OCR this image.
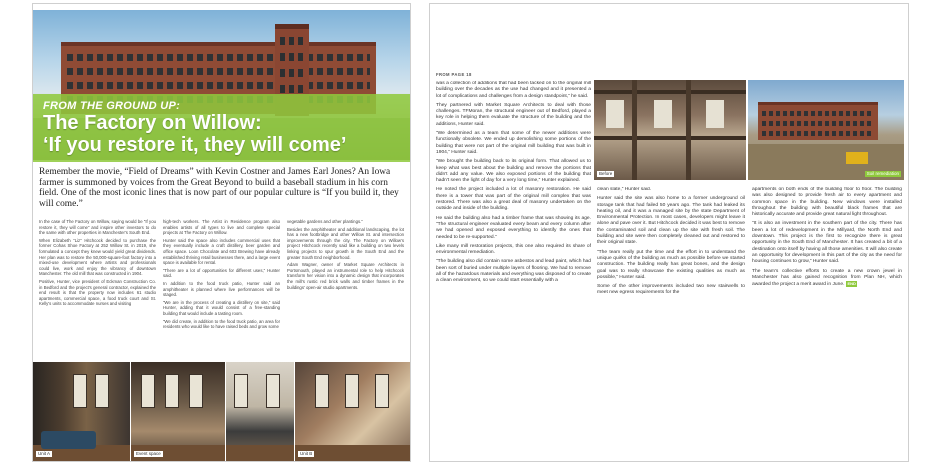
FROM THE GROUND UP:
The Factory on Willow:
‘If you restore it, they will come’
Remember the movie, “Field of Dreams” with Kevin Costner and James Earl Jones? An Iowa farmer is summoned by voices from the Great Beyond to build a baseball stadium in his corn field. One of the most iconic lines that is now part of our popular culture is “If you build it, they will come.”

In the case of The Factory on Willow, saying would be “If you restore it, they will come” and inspire other investors to do the same with other properties in Manchester's South End.

When Elizabeth “Liz” Hitchcock decided to purchase the former Cohas Shoe Factory at 252 Willow St. in 2019, she formulated a concept they knew would yield great dividends. Her plan was to restore the 50,000-square-foot factory into a mixed-use development where artists and professionals could live, work and enjoy the vibrancy of downtown Manchester. The old mill that was constructed in 1904.

Positive, Hunter, vice president of Eckman Construction Co. in Bedford and the project's general contractor, explained the end result is that the property now includes 61 studio apartments, commercial space, a food truck court and St. Kelly's units to accommodate nurses and visiting

high-tech workers. The Artist in Residence program also enables artists of all types to live and complete special projects at The Factory on Willow.

Hunter said the space also includes commercial uses that they eventually include a craft distillery, beer garden and office space. Loon Chocolate and 603 Brewing have already established thriving retail businesses there, and a large event space is available for rental.

“There are a lot of opportunities for different uses,” Hunter said.

In addition to the food truck patio, Hunter said an amphitheater is planned where live performances will be staged.

“We are in the process of creating a distillery on site,” said Hunter, adding that it would consist of a free-standing building that would include a tasting room.

“We did create, in addition to the food truck patio, an area for residents who would like to have raised beds and grow some

vegetable gardens and other plantings.”

Besides the amphitheater and additional landscaping, the lot has a new footbridge and other Willow St. and intersection improvements through the city. The Factory on Willow's project Hitchcock recently said like a building on two levels linking projects to spur growth in the South End and the greater South End neighborhood.

Adam Wagner, owner of Market Square Architects in Portsmouth, played an instrumental role to help Hitchcock transform her vision into a dynamic design that incorporates the mill's rustic red brick walls and timber frames in the buildings' open-air studio apartments.

Unit A	Event space	Unit B
FROM PAGE 18

was a collection of additions that had been tacked on to the original mill building over the decades as the use had changed and it presented a lot of complications and challenges from a design standpoint,” he said.

They partnered with Market Square Architects to deal with those challenges. TFMoran, the structural engineer out of Bedford, played a key role in helping them evaluate the structure of the building and the additions, Hunter said.

“We determined as a team that some of the newer additions were functionally obsolete. We ended up demolishing some portions of the building that were not part of the original mill building that was built in 1904,” Hunter said.

“We brought the building back to its original form. That allowed us to keep what was best about the building and remove the portions that didn't add any value. We also exposed portions of the building that hadn't seen the light of day for a very long time,” Hunter explained.

He noted the project included a lot of masonry restoration. He said there is a tower that was part of the original mill complex that was restored. There was also a great deal of masonry undertaken on the outside and inside of the building.

He said the building also had a timber frame that was showing its age. “The structural engineer evaluated every beam and every column after we had opened and exposed everything to identify the ones that needed to be re-supported.”

Like many mill restoration projects, this one also required its share of environmental remediation.

“The building also did contain some asbestos and lead paint, which had been sort of buried under multiple layers of flooring. We had to remove all of the hazardous materials and everything was disposed of to create a clean environment, so we could start essentially with a

Before	Soil remediation

clean slate,” Hunter said.

Hunter said the site was also home to a former underground oil storage tank that had failed 50 years ago. The tank had leaked its heating oil, and it was a managed site by the state Department of Environmental Protection. In most cases, developers might leave it alone and pave over it. But Hitchcock decided it was best to remove the contaminated soil and clean up the site with fresh soil. The building and site were then completely cleaned out and restored to their original state.

“The team really put the time and the effort in to understand the unique quirks of the building as much as possible before we started construction. The building really has great bones, and the design goal was to really showcase the existing qualities as much as possible,” Hunter said.

Some of the other improvements included two new stairwells to meet new egress requirements for the

apartments on both ends of the building floor to floor. The building was also designed to provide fresh air to every apartment and common space in the building. New windows were installed throughout the building with beautiful black frames that are historically accurate and provide great natural light throughout.

“It is also an investment in the southern part of the city. There has been a lot of redevelopment in the Millyard, the North End and downtown. This project is the first to recognize there is great opportunity in the South End of Manchester. It has created a bit of a destination onto itself by having all those amenities. It will also create an opportunity for development in this part of the city as the need for housing continues to grow,” Hunter said.

The team's collective efforts to create a new crown jewel in Manchester has also gained recognition from Plan NH, which awarded the project a merit award in June. END
